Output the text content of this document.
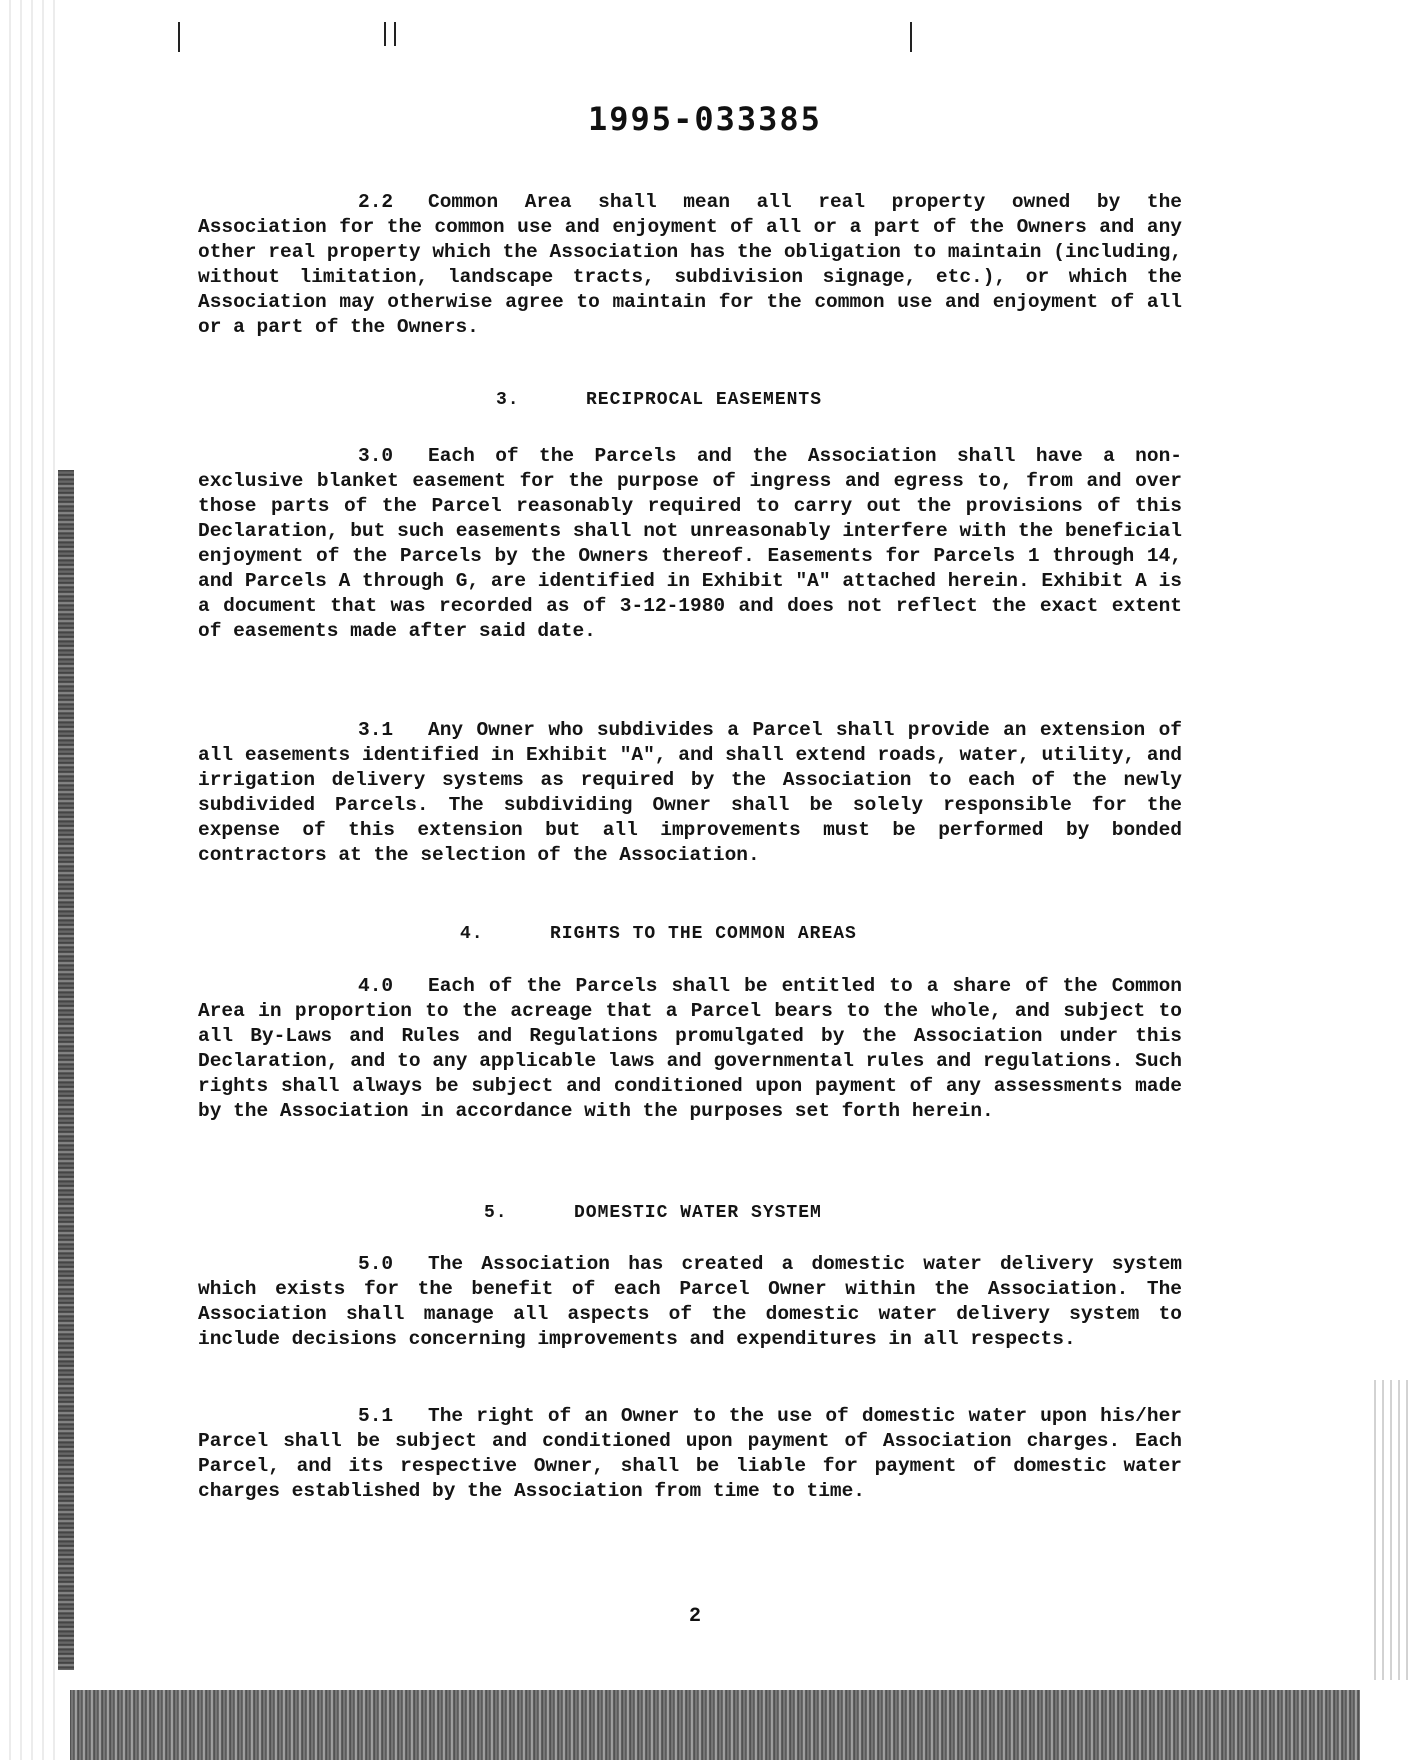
1995-033385

2.2 Common Area shall mean all real property owned by the Association for the common use and enjoyment of all or a part of the Owners and any other real property which the Association has the obligation to maintain (including, without limitation, landscape tracts, subdivision signage, etc.), or which the Association may otherwise agree to maintain for the common use and enjoyment of all or a part of the Owners.

3.	RECIPROCAL EASEMENTS

3.0 Each of the Parcels and the Association shall have a non-exclusive blanket easement for the purpose of ingress and egress to, from and over those parts of the Parcel reasonably required to carry out the provisions of this Declaration, but such easements shall not unreasonably interfere with the beneficial enjoyment of the Parcels by the Owners thereof. Easements for Parcels 1 through 14, and Parcels A through G, are identified in Exhibit "A" attached herein. Exhibit A is a document that was recorded as of 3-12-1980 and does not reflect the exact extent of easements made after said date.

3.1 Any Owner who subdivides a Parcel shall provide an extension of all easements identified in Exhibit "A", and shall extend roads, water, utility, and irrigation delivery systems as required by the Association to each of the newly subdivided Parcels. The subdividing Owner shall be solely responsible for the expense of this extension but all improvements must be performed by bonded contractors at the selection of the Association.

4.	RIGHTS TO THE COMMON AREAS

4.0 Each of the Parcels shall be entitled to a share of the Common Area in proportion to the acreage that a Parcel bears to the whole, and subject to all By-Laws and Rules and Regulations promulgated by the Association under this Declaration, and to any applicable laws and governmental rules and regulations. Such rights shall always be subject and conditioned upon payment of any assessments made by the Association in accordance with the purposes set forth herein.

5.	DOMESTIC WATER SYSTEM

5.0 The Association has created a domestic water delivery system which exists for the benefit of each Parcel Owner within the Association. The Association shall manage all aspects of the domestic water delivery system to include decisions concerning improvements and expenditures in all respects.

5.1 The right of an Owner to the use of domestic water upon his/her Parcel shall be subject and conditioned upon payment of Association charges. Each Parcel, and its respective Owner, shall be liable for payment of domestic water charges established by the Association from time to time.

2
